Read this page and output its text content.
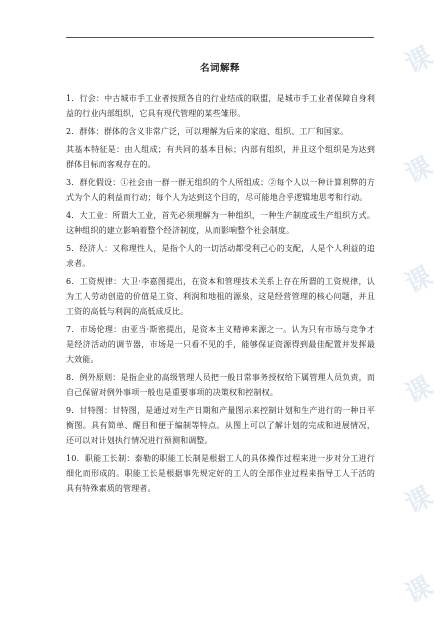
名词解释

1．行会：中古城市手工业者按照各自的行业结成的联盟，是城市手工业者保障自身利益的行业内部组织，它具有现代管理的某些雏形。

2．群体：群体的含义非常广泛，可以理解为后来的家庭、组织、工厂和国家。

其基本特征是：由人组成；有共同的基本目标；内部有组织，并且这个组织是为达到群体目标而客观存在的。

3．群化假设：①社会由一群一群无组织的个人所组成；②每个人以一种计算利弊的方式为个人的利益而行动；每个人为达到这个目的，尽可能地合乎逻辑地思考和行动。

4．大工业：所谓大工业，首先必须理解为一种组织，一种生产制度或生产组织方式。这种组织的建立影响着整个经济制度，从而影响整个社会制度。

5．经济人：又称理性人，是指个人的一切活动都受利己心的支配，人是个人利益的追求者。

6．工资规律：大卫·李嘉图提出，在资本和管理技术关系上存在所谓的工资规律，认为工人劳动创造的价值是工资、利润和地租的源泉，这是经营管理的核心问题，并且工资的高低与利润的高低成反比。

7．市场伦理：由亚当·斯密提出，是资本主义精神来源之一。认为只有市场与竞争才是经济活动的调节器，市场是一只看不见的手，能够保证资源得到最佳配置并发挥最大效能。

8．例外原则：是指企业的高级管理人员把一般日常事务授权给下属管理人员负责，而自己保留对例外事项一般也是重要事项的决策权和控制权。

9．甘特图：甘特图，是通过对生产日期和产量图示来控制计划和生产进行的一种日平衡图。具有简单、醒目和便于编制等特点。从图上可以了解计划的完成和进展情况，还可以对计划执行情况进行预测和调整。

10．职能工长制：泰勒的职能工长制是根据工人的具体操作过程来进一步对分工进行细化而形成的。职能工长是根据事先规定好的工人的全部作业过程来指导工人干活的具有特殊素质的管理者。

课
课
课
课
课
课
